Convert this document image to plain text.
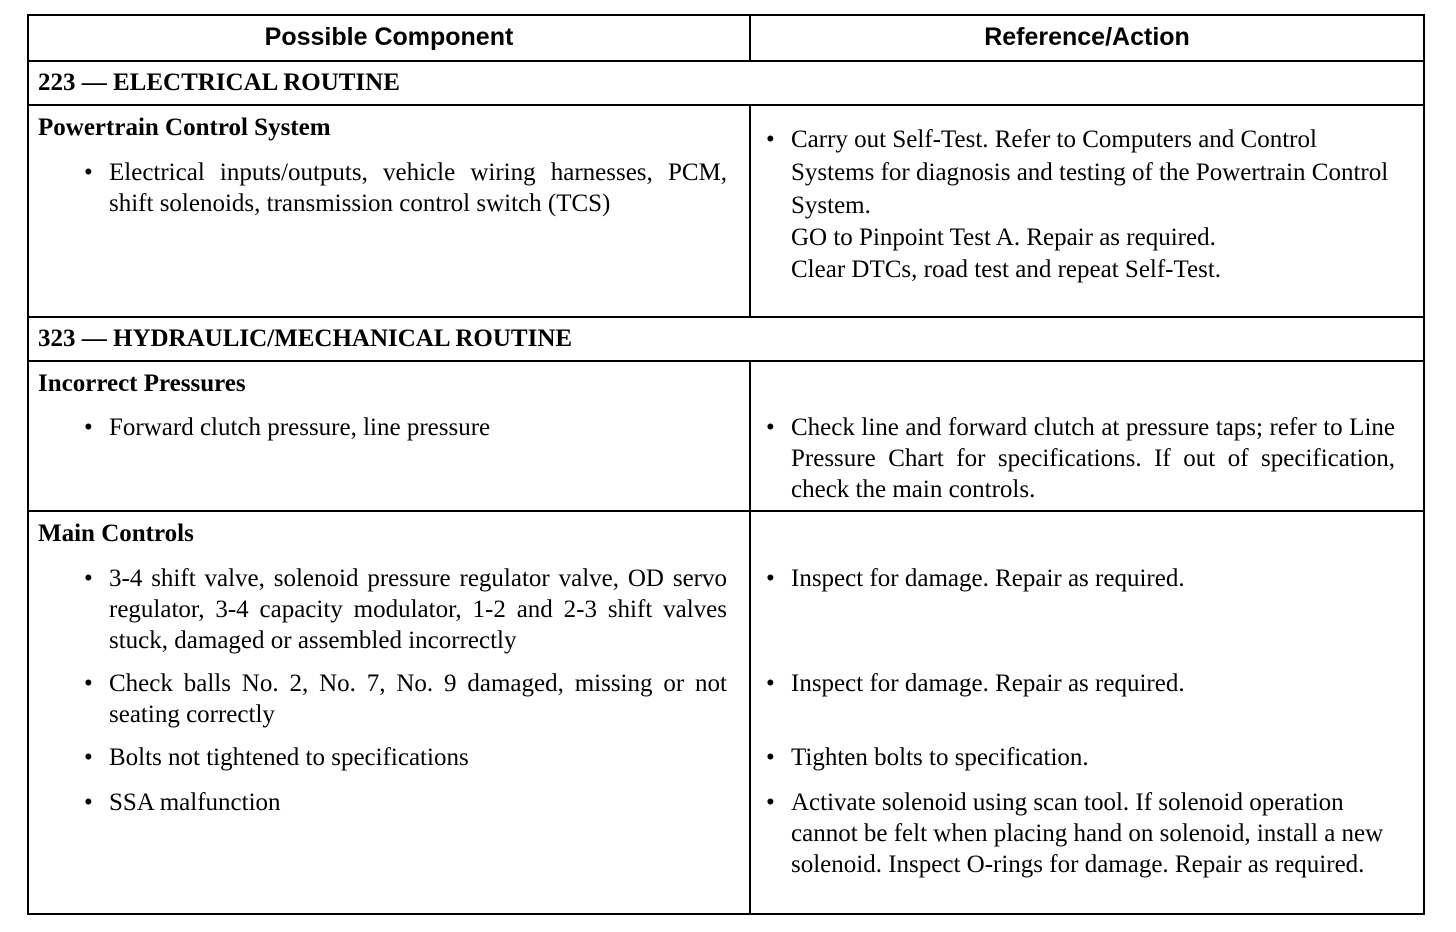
Possible Component	Reference/Action
223 — ELECTRICAL ROUTINE
Powertrain Control System
• Electrical inputs/outputs, vehicle wiring harnesses, PCM, shift solenoids, transmission control switch (TCS)
• Carry out Self-Test. Refer to Computers and Control Systems for diagnosis and testing of the Powertrain Control System.
GO to Pinpoint Test A. Repair as required.
Clear DTCs, road test and repeat Self-Test.
323 — HYDRAULIC/MECHANICAL ROUTINE
Incorrect Pressures
• Forward clutch pressure, line pressure	• Check line and forward clutch at pressure taps; refer to Line Pressure Chart for specifications. If out of specification, check the main controls.
Main Controls
• 3-4 shift valve, solenoid pressure regulator valve, OD servo regulator, 3-4 capacity modulator, 1-2 and 2-3 shift valves stuck, damaged or assembled incorrectly
• Check balls No. 2, No. 7, No. 9 damaged, missing or not seating correctly
• Bolts not tightened to specifications
• SSA malfunction
• Inspect for damage. Repair as required.
• Inspect for damage. Repair as required.
• Tighten bolts to specification.
• Activate solenoid using scan tool. If solenoid operation cannot be felt when placing hand on solenoid, install a new solenoid. Inspect O-rings for damage. Repair as required.
